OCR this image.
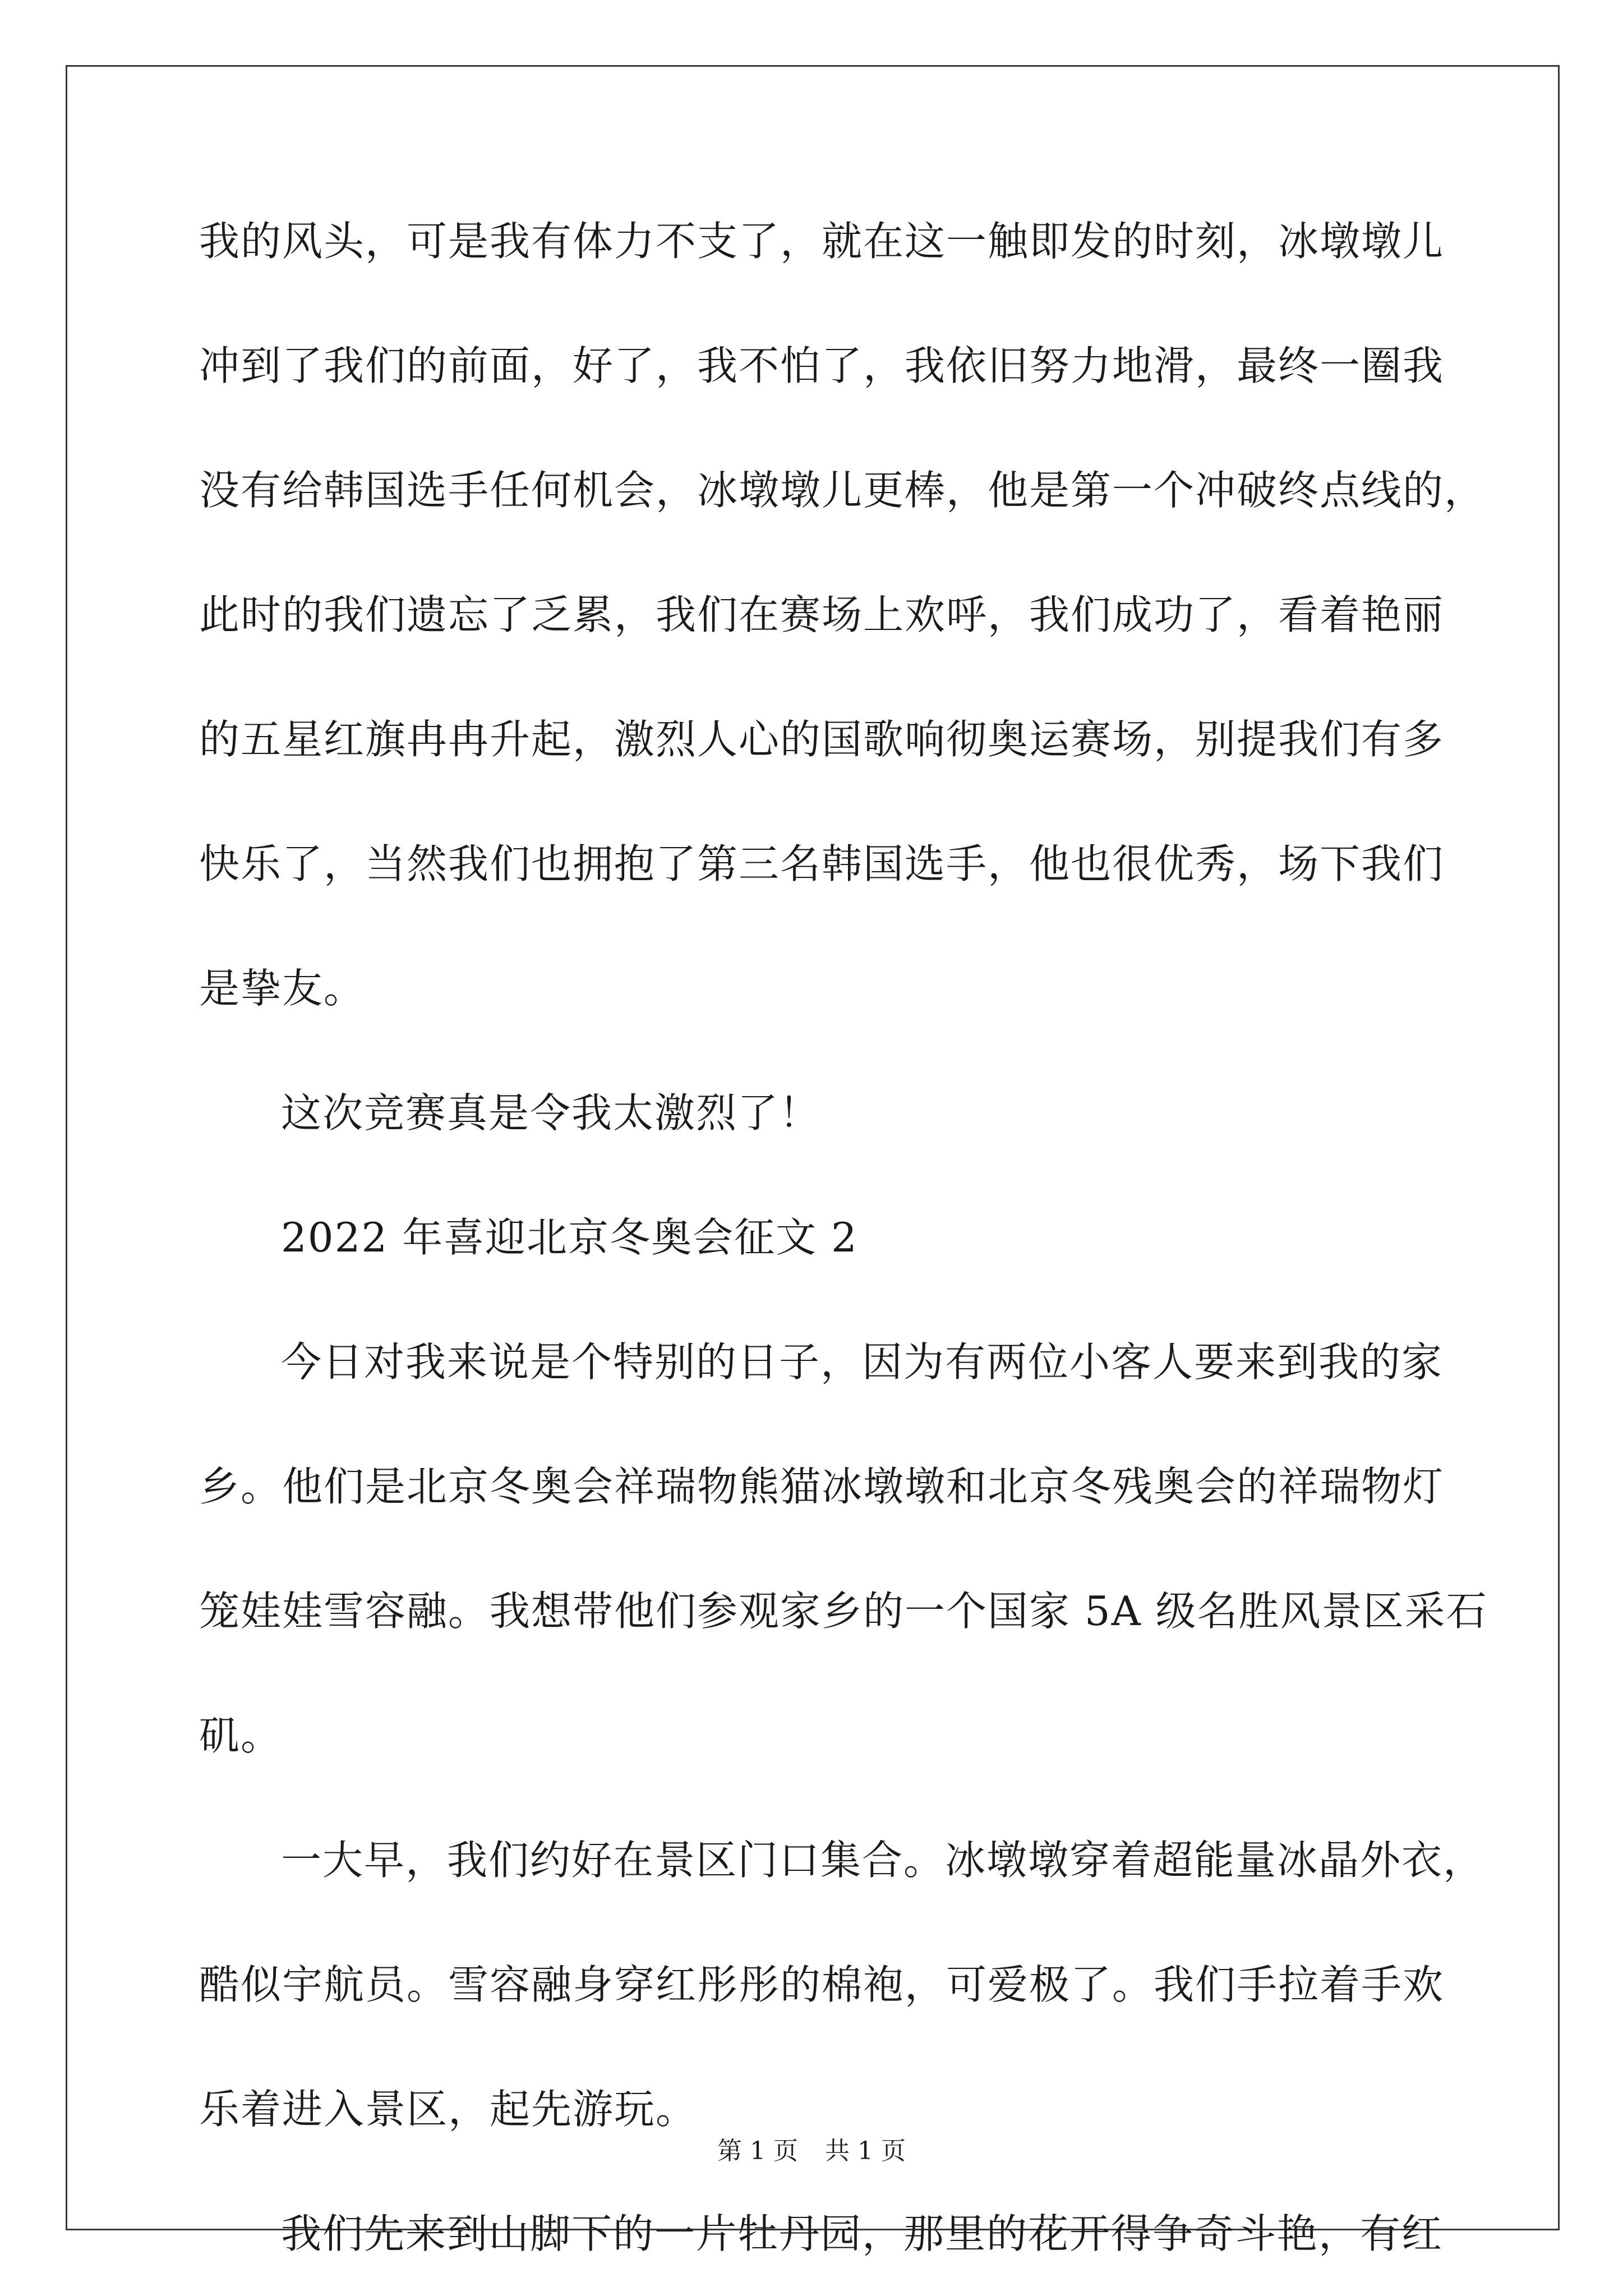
我的风头，可是我有体力不支了，就在这一触即发的时刻，冰墩墩儿
冲到了我们的前面，好了，我不怕了，我依旧努力地滑，最终一圈我
没有给韩国选手任何机会，冰墩墩儿更棒，他是第一个冲破终点线的，
此时的我们遗忘了乏累，我们在赛场上欢呼，我们成功了，看着艳丽
的五星红旗冉冉升起，激烈人心的国歌响彻奥运赛场，别提我们有多
快乐了，当然我们也拥抱了第三名韩国选手，他也很优秀，场下我们
是挚友。
这次竞赛真是令我太激烈了！
2022 年喜迎北京冬奥会征文 2
今日对我来说是个特别的日子，因为有两位小客人要来到我的家
乡。他们是北京冬奥会祥瑞物熊猫冰墩墩和北京冬残奥会的祥瑞物灯
笼娃娃雪容融。我想带他们参观家乡的一个国家 5A 级名胜风景区采石
矶。
一大早，我们约好在景区门口集合。冰墩墩穿着超能量冰晶外衣，
酷似宇航员。雪容融身穿红彤彤的棉袍，可爱极了。我们手拉着手欢
乐着进入景区，起先游玩。
我们先来到山脚下的一片牡丹园，那里的花开得争奇斗艳，有红
第 1 页 共 1 页
